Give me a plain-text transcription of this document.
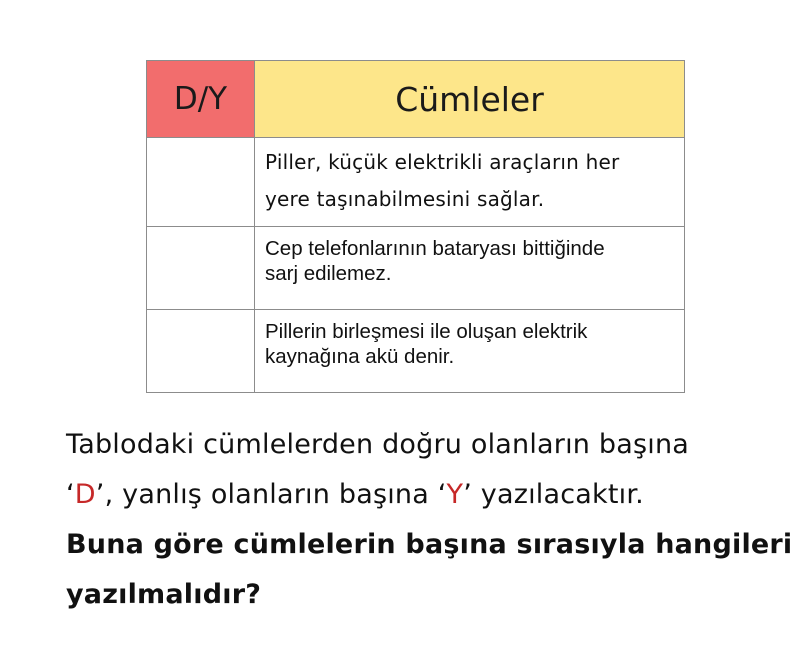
D/Y	Cümleler

	Piller, küçük elektrikli araçların her
yere taşınabilmesini sağlar.

	Cep telefonlarının bataryası bittiğinde
sarj edilemez.

	Pillerin birleşmesi ile oluşan elektrik
kaynağına akü denir.
Tablodaki cümlelerden doğru olanların başına
‘D’, yanlış olanların başına ‘Y’ yazılacaktır.
Buna göre cümlelerin başına sırasıyla hangileri
yazılmalıdır?
